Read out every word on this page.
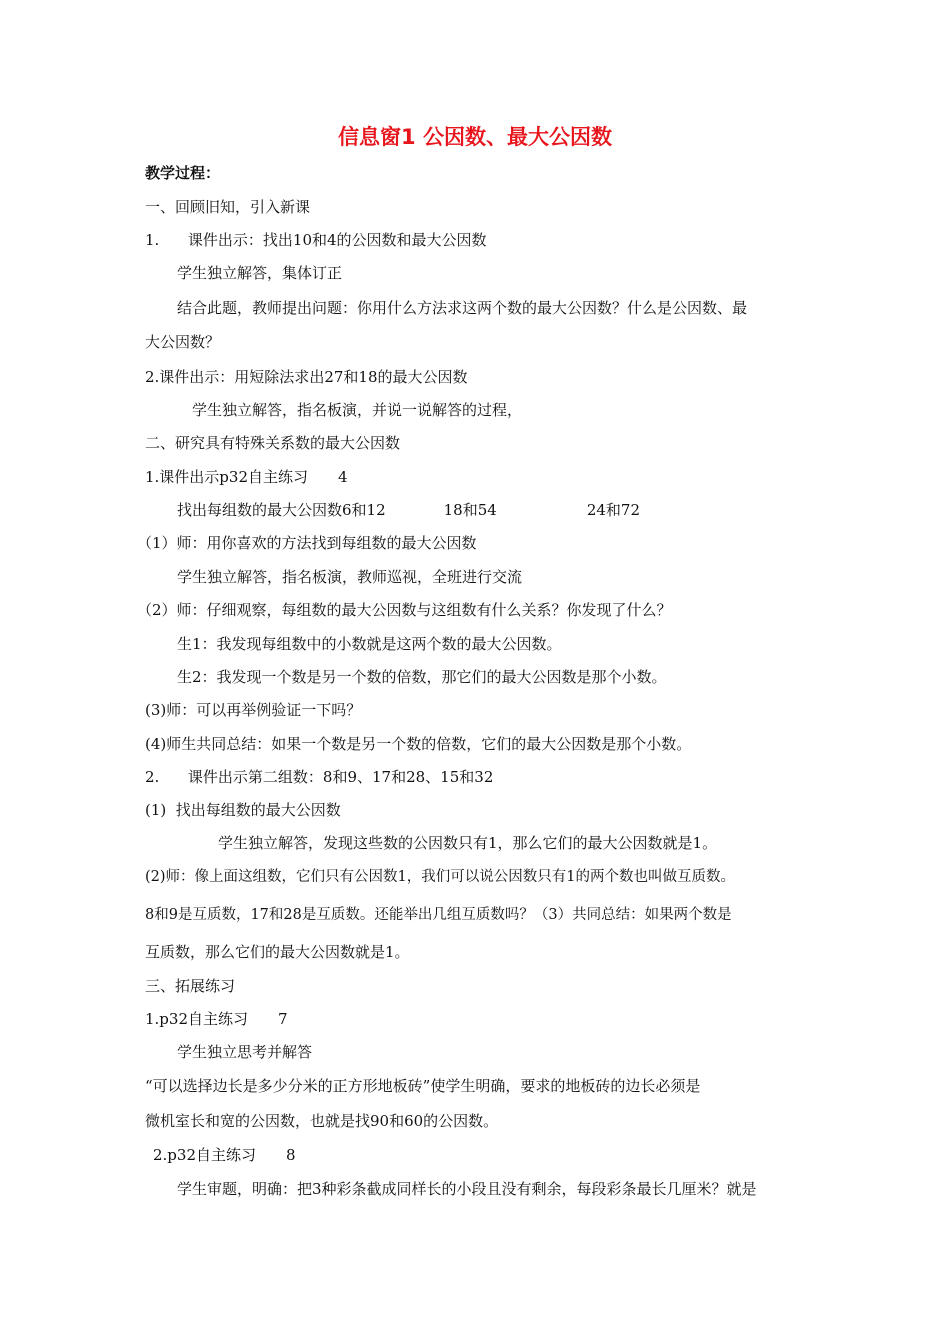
信息窗1 公因数、最大公因数
教学过程：
一、回顾旧知，引入新课
1.      课件出示：找出10和4的公因数和最大公因数
学生独立解答，集体订正
结合此题，教师提出问题：你用什么方法求这两个数的最大公因数？什么是公因数、最
大公因数？
2.课件出示：用短除法求出27和18的最大公因数
学生独立解答，指名板演，并说一说解答的过程，
二、研究具有特殊关系数的最大公因数
1.课件出示p32自主练习 4
找出每组数的最大公因数6和12	18和54	24和72
（1）师：用你喜欢的方法找到每组数的最大公因数
学生独立解答，指名板演，教师巡视，全班进行交流
（2）师：仔细观察，每组数的最大公因数与这组数有什么关系？你发现了什么？
生1：我发现每组数中的小数就是这两个数的最大公因数。
生2：我发现一个数是另一个数的倍数，那它们的最大公因数是那个小数。
(3)师：可以再举例验证一下吗？
(4)师生共同总结：如果一个数是另一个数的倍数，它们的最大公因数是那个小数。
2.      课件出示第二组数：8和9、17和28、15和32
(1)  找出每组数的最大公因数
学生独立解答，发现这些数的公因数只有1，那么它们的最大公因数就是1。
(2)师：像上面这组数，它们只有公因数1，我们可以说公因数只有1的两个数也叫做互质数。
8和9是互质数，17和28是互质数。还能举出几组互质数吗？（3）共同总结：如果两个数是
互质数，那么它们的最大公因数就是1。
三、拓展练习
1.p32自主练习 7
学生独立思考并解答
“可以选择边长是多少分米的正方形地板砖”使学生明确，要求的地板砖的边长必须是
微机室长和宽的公因数，也就是找90和60的公因数。
2.p32自主练习 8
学生审题，明确：把3种彩条截成同样长的小段且没有剩余，每段彩条最长几厘米？就是
